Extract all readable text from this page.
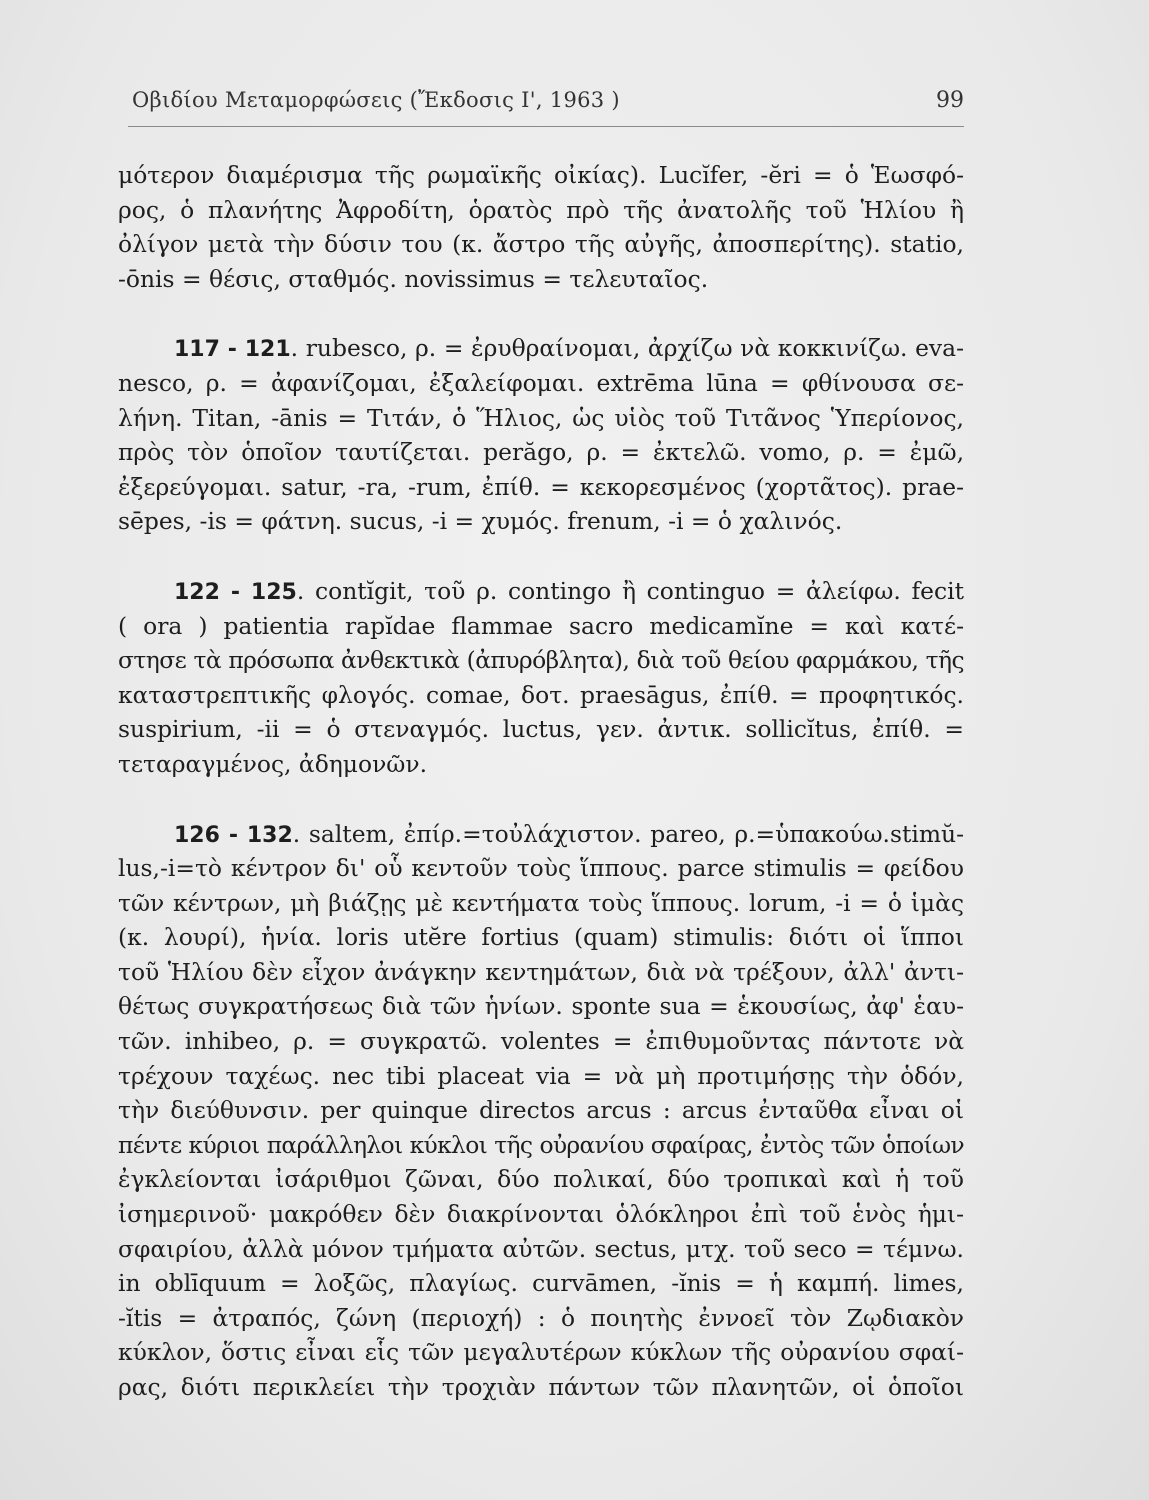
Οβιδίου Μεταμορφώσεις (Ἔκδοσις Ι', 1963 )	99
μότερον διαμέρισμα τῆς ρωμαϊκῆς οἰκίας). Lucĭfer, -ĕri = ὁ Ἑωσφό-
ρος, ὁ πλανήτης Ἀφροδίτη, ὁρατὸς πρὸ τῆς ἀνατολῆς τοῦ Ἡλίου ἢ
ὀλίγον μετὰ τὴν δύσιν του (κ. ἄστρο τῆς αὐγῆς, ἀποσπερίτης). statio,
-ōnis = θέσις, σταθμός. novissimus = τελευταῖος.
117 - 121. rubesco, ρ. = ἐρυθραίνομαι, ἀρχίζω νὰ κοκκινίζω. eva-
nesco, ρ. = ἀφανίζομαι, ἐξαλείφομαι. extrēma lūna = φθίνουσα σε-
λήνη. Titan, -ānis = Τιτάν, ὁ Ἥλιος, ὡς υἱὸς τοῦ Τιτᾶνος Ὑπερίονος,
πρὸς τὸν ὁποῖον ταυτίζεται. perăgo, ρ. = ἐκτελῶ. vomo, ρ. = ἐμῶ,
ἐξερεύγομαι. satur, -ra, -rum, ἐπίθ. = κεκορεσμένος (χορτᾶτος). prae-
sēpes, -is = φάτνη. sucus, -i = χυμός. frenum, -i = ὁ χαλινός.
122 - 125. contĭgit, τοῦ ρ. contingo ἢ continguo = ἀλείφω. fecit
( ora ) patientia rapĭdae flammae sacro medicamĭne = καὶ κατέ-
στησε τὰ πρόσωπα ἀνθεκτικὰ (ἀπυρόβλητα), διὰ τοῦ θείου φαρμάκου, τῆς
καταστρεπτικῆς φλογός. comae, δοτ. praesāgus, ἐπίθ. = προφητικός.
suspirium, -ii = ὁ στεναγμός. luctus, γεν. ἀντικ. sollicĭtus, ἐπίθ. =
τεταραγμένος, ἀδημονῶν.
126 - 132. saltem, ἐπίρ.=τοὐλάχιστον. pareo, ρ.=ὑπακούω.stimŭ-
lus,-i=τὸ κέντρον δι' οὗ κεντοῦν τοὺς ἵππους. parce stimulis = φείδου
τῶν κέντρων, μὴ βιάζῃς μὲ κεντήματα τοὺς ἵππους. lorum, -i = ὁ ἱμὰς
(κ. λουρί), ἡνία. loris utĕre fortius (quam) stimulis: διότι οἱ ἵπποι
τοῦ Ἡλίου δὲν εἶχον ἀνάγκην κεντημάτων, διὰ νὰ τρέξουν, ἀλλ' ἀντι-
θέτως συγκρατήσεως διὰ τῶν ἡνίων. sponte sua = ἑκουσίως, ἀφ' ἑαυ-
τῶν. inhibeo, ρ. = συγκρατῶ. volentes = ἐπιθυμοῦντας πάντοτε νὰ
τρέχουν ταχέως. nec tibi placeat via = νὰ μὴ προτιμήσῃς τὴν ὁδόν,
τὴν διεύθυνσιν. per quinque directos arcus : arcus ἐνταῦθα εἶναι οἱ
πέντε κύριοι παράλληλοι κύκλοι τῆς οὐρανίου σφαίρας, ἐντὸς τῶν ὁποίων
ἐγκλείονται ἰσάριθμοι ζῶναι, δύο πολικαί, δύο τροπικαὶ καὶ ἡ τοῦ
ἰσημερινοῦ· μακρόθεν δὲν διακρίνονται ὁλόκληροι ἐπὶ τοῦ ἑνὸς ἡμι-
σφαιρίου, ἀλλὰ μόνον τμήματα αὐτῶν. sectus, μτχ. τοῦ seco = τέμνω.
in oblīquum = λοξῶς, πλαγίως. curvāmen, -ĭnis = ἡ καμπή. limes,
-ĭtis = ἀτραπός, ζώνη (περιοχή) : ὁ ποιητὴς ἐννοεῖ τὸν Ζῳδιακὸν
κύκλον, ὅστις εἶναι εἷς τῶν μεγαλυτέρων κύκλων τῆς οὐρανίου σφαί-
ρας, διότι περικλείει τὴν τροχιὰν πάντων τῶν πλανητῶν, οἱ ὁποῖοι
